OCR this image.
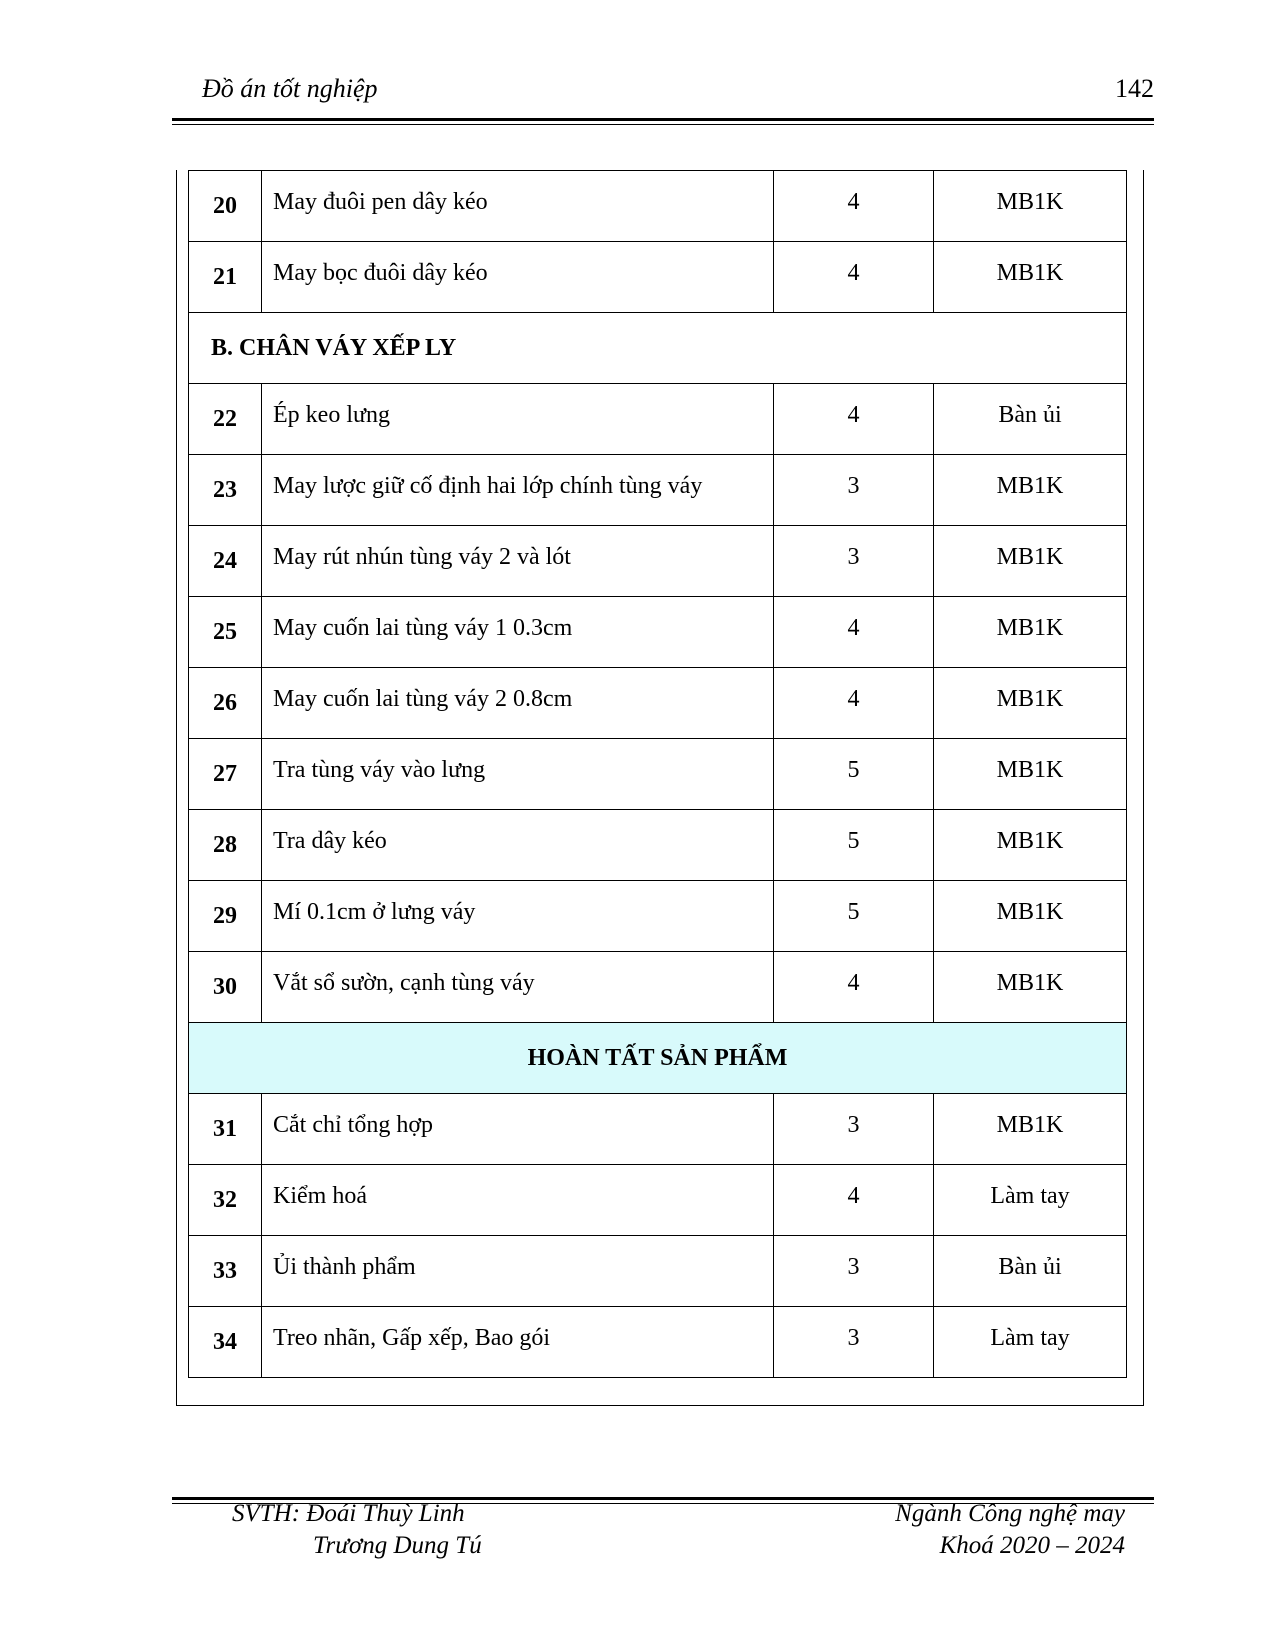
Đồ án tốt nghiệp	142
20	May đuôi pen dây kéo	4	MB1K
21	May bọc đuôi dây kéo	4	MB1K
B. CHÂN VÁY XẾP LY			
22	Ép keo lưng	4	Bàn ủi
23	May lược giữ cố định hai lớp chính tùng váy	3	MB1K
24	May rút nhún tùng váy 2 và lót	3	MB1K
25	May cuốn lai tùng váy 1 0.3cm	4	MB1K
26	May cuốn lai tùng váy 2 0.8cm	4	MB1K
27	Tra tùng váy vào lưng	5	MB1K
28	Tra dây kéo	5	MB1K
29	Mí 0.1cm ở lưng váy	5	MB1K
30	Vắt sổ sườn, cạnh tùng váy	4	MB1K
HOÀN TẤT SẢN PHẨM			
31	Cắt chỉ tổng hợp	3	MB1K
32	Kiểm hoá	4	Làm tay
33	Ủi thành phẩm	3	Bàn ủi
34	Treo nhãn, Gấp xếp, Bao gói	3	Làm tay
SVTH: Đoái Thuỳ Linh
Trương Dung Tú
Ngành Công nghệ may
Khoá 2020 – 2024
